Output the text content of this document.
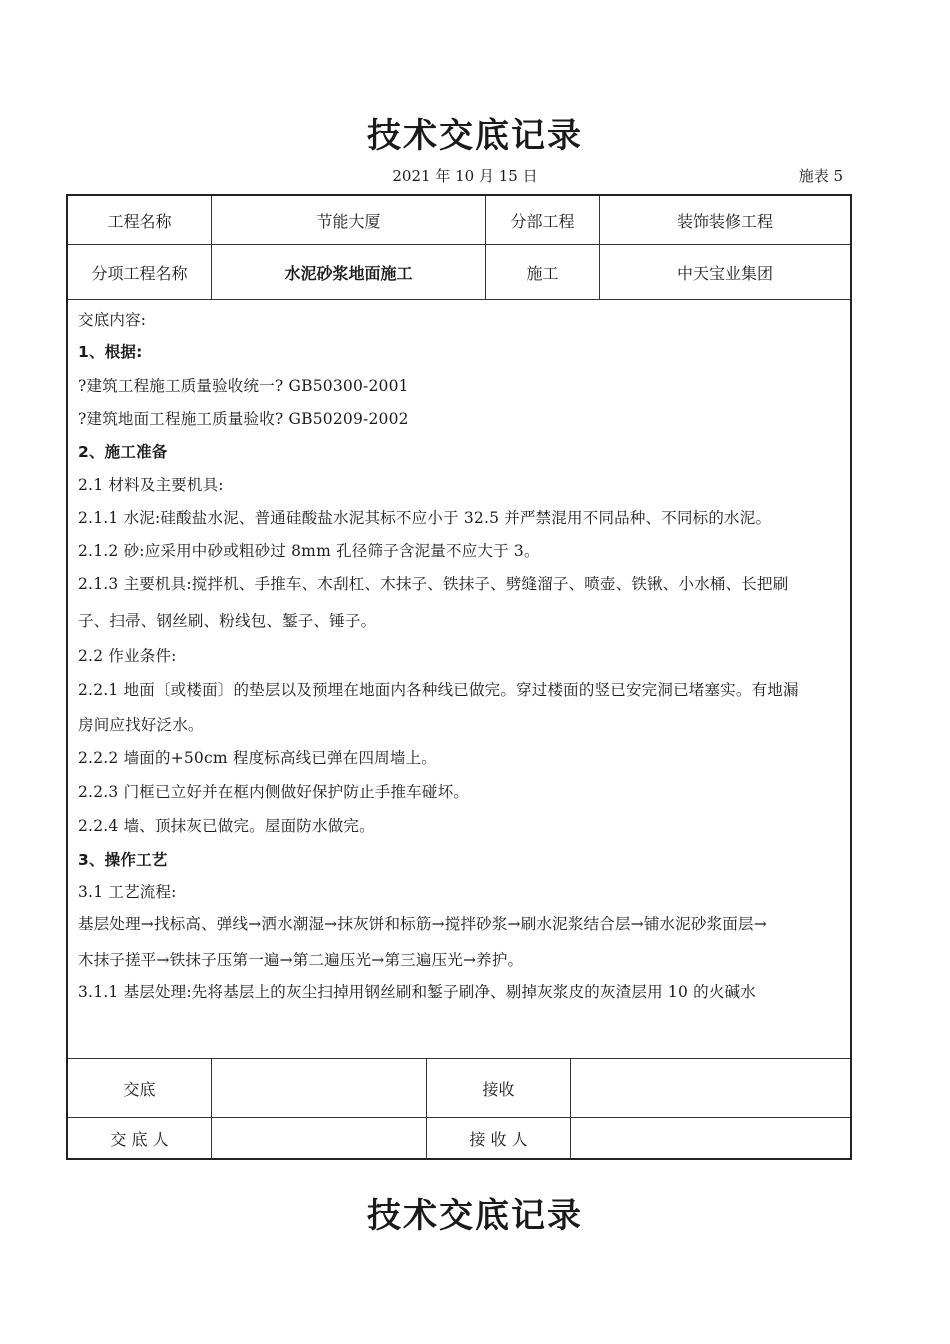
技术交底记录
2021 年 10 月 15 日	施表 5
工程名称	节能大厦	分部工程	装饰装修工程
分项工程名称	水泥砂浆地面施工	施工	中天宝业集团
交底内容:
1、根据:
?建筑工程施工质量验收统一? GB50300-2001
?建筑地面工程施工质量验收? GB50209-2002
2、施工准备
2.1 材料及主要机具:
2.1.1 水泥:硅酸盐水泥、普通硅酸盐水泥其标不应小于 32.5 并严禁混用不同品种、不同标的水泥。
2.1.2 砂:应采用中砂或粗砂过 8mm 孔径筛子含泥量不应大于 3。
2.1.3 主要机具:搅拌机、手推车、木刮杠、木抹子、铁抹子、劈缝溜子、喷壶、铁锹、小水桶、长把刷
子、扫帚、钢丝刷、粉线包、錾子、锤子。
2.2 作业条件:
2.2.1 地面〔或楼面〕的垫层以及预埋在地面内各种线已做完。穿过楼面的竖已安完洞已堵塞实。有地漏
房间应找好泛水。
2.2.2 墙面的+50cm 程度标高线已弹在四周墙上。
2.2.3 门框已立好并在框内侧做好保护防止手推车碰坏。
2.2.4 墙、顶抹灰已做完。屋面防水做完。
3、操作工艺
3.1 工艺流程:
基层处理→找标高、弹线→洒水潮湿→抹灰饼和标筋→搅拌砂浆→刷水泥浆结合层→铺水泥砂浆面层→
木抹子搓平→铁抹子压第一遍→第二遍压光→第三遍压光→养护。
3.1.1 基层处理:先将基层上的灰尘扫掉用钢丝刷和錾子刷净、剔掉灰浆皮的灰渣层用 10 的火碱水
交底	接收
交 底 人	接 收 人
技术交底记录
